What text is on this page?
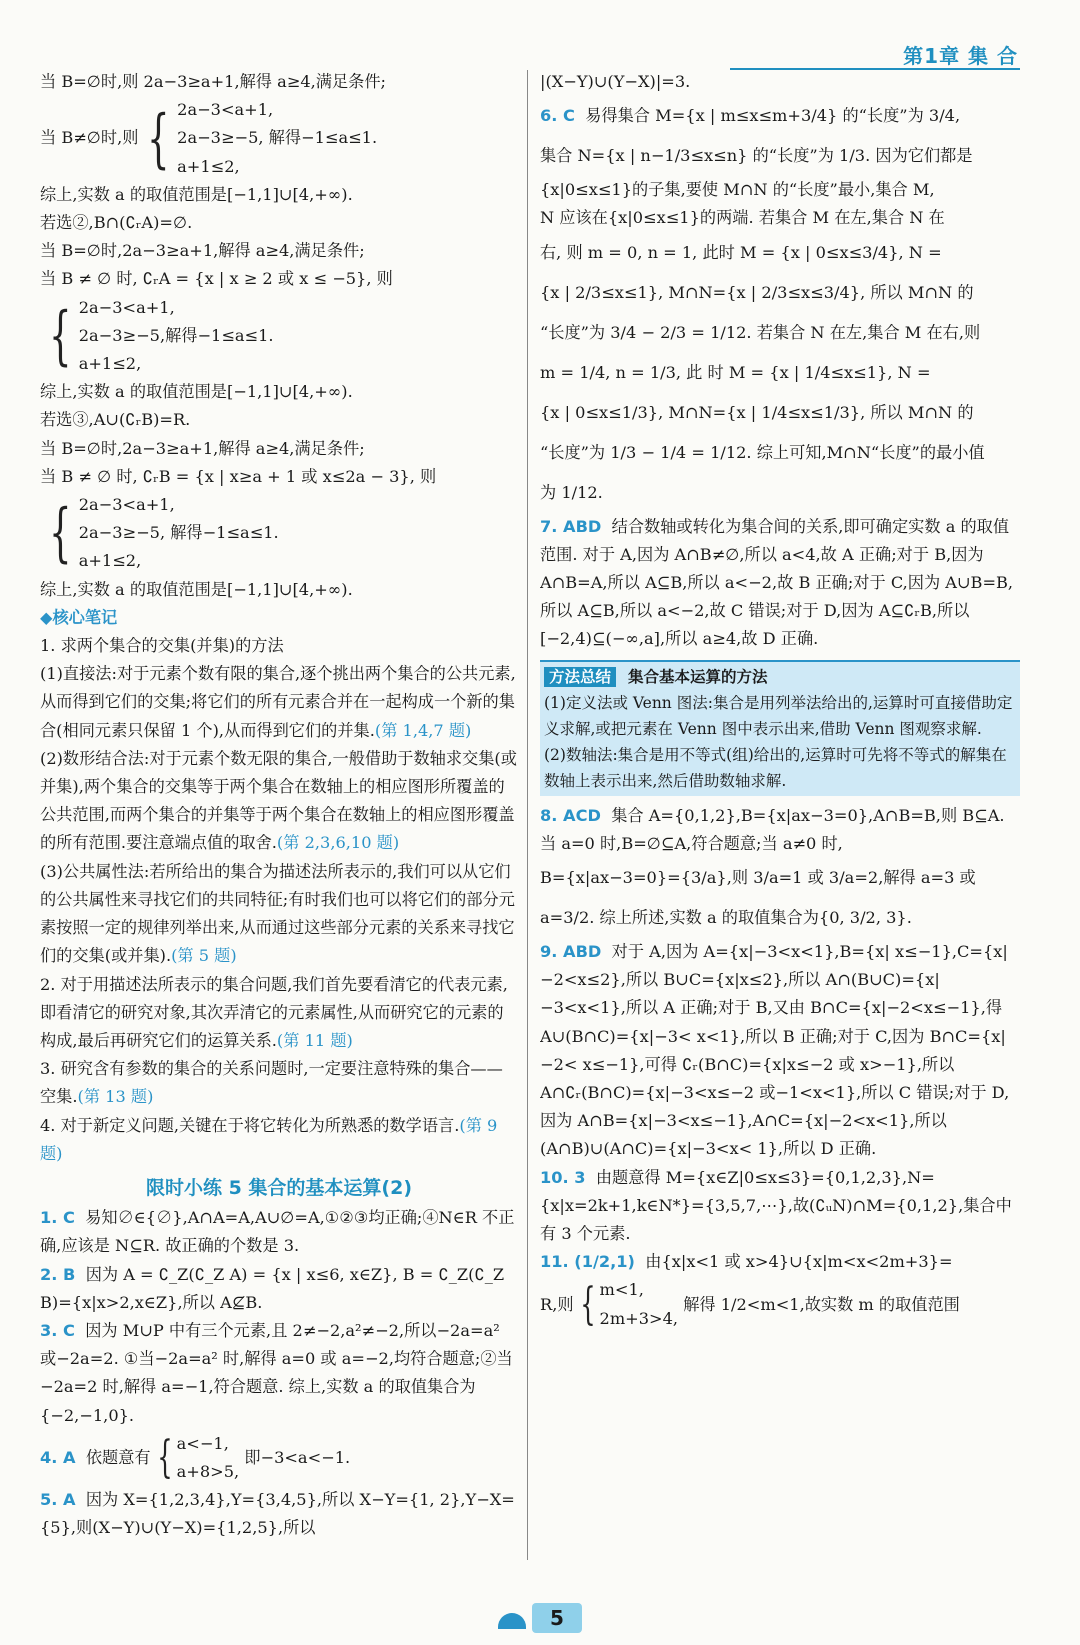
第1章 集 合
当 B=∅时,则 2a−3≥a+1,解得 a≥4,满足条件;
当 B≠∅时,则 { 2a−3<a+1,
2a−3≥−5, 解得−1≤a≤1.
a+1≤2,
综上,实数 a 的取值范围是[−1,1]∪[4,+∞).
若选②,B∩(∁ᵣA)=∅.
当 B=∅时,2a−3≥a+1,解得 a≥4,满足条件;
当 B ≠ ∅ 时, ∁ᵣA = {x | x ≥ 2 或 x ≤ −5}, 则
{ 2a−3<a+1,
2a−3≥−5,解得−1≤a≤1.
a+1≤2,
综上,实数 a 的取值范围是[−1,1]∪[4,+∞).
若选③,A∪(∁ᵣB)=R.
当 B=∅时,2a−3≥a+1,解得 a≥4,满足条件;
当 B ≠ ∅ 时, ∁ᵣB = {x | x≥a + 1 或 x≤2a − 3}, 则
{ 2a−3<a+1,
2a−3≥−5, 解得−1≤a≤1.
a+1≤2,
综上,实数 a 的取值范围是[−1,1]∪[4,+∞).
◆核心笔记
1. 求两个集合的交集(并集)的方法
(1)直接法:对于元素个数有限的集合,逐个挑出两个集合的公共元素,从而得到它们的交集;将它们的所有元素合并在一起构成一个新的集合(相同元素只保留 1 个),从而得到它们的并集.(第 1,4,7 题)
(2)数形结合法:对于元素个数无限的集合,一般借助于数轴求交集(或并集),两个集合的交集等于两个集合在数轴上的相应图形所覆盖的公共范围,而两个集合的并集等于两个集合在数轴上的相应图形覆盖的所有范围.要注意端点值的取舍.(第 2,3,6,10 题)
(3)公共属性法:若所给出的集合为描述法所表示的,我们可以从它们的公共属性来寻找它们的共同特征;有时我们也可以将它们的部分元素按照一定的规律列举出来,从而通过这些部分元素的关系来寻找它们的交集(或并集).(第 5 题)
2. 对于用描述法所表示的集合问题,我们首先要看清它的代表元素,即看清它的研究对象,其次弄清它的元素属性,从而研究它的元素的构成,最后再研究它们的运算关系.(第 11 题)
3. 研究含有参数的集合的关系问题时,一定要注意特殊的集合——空集.(第 13 题)
4. 对于新定义问题,关键在于将它转化为所熟悉的数学语言.(第 9 题)
限时小练 5 集合的基本运算(2)
1. C 易知∅∈{∅},A∩A=A,A∪∅=A,①②③均正确;④N∈R 不正确,应该是 N⊆R. 故正确的个数是 3.
2. B 因为 A = ∁_Z(∁_Z A) = {x | x≤6, x∈Z}, B = ∁_Z(∁_Z B)={x|x>2,x∈Z},所以 A⊈B.
3. C 因为 M∪P 中有三个元素,且 2≠−2,a²≠−2,所以−2a=a² 或−2a=2. ①当−2a=a² 时,解得 a=0 或 a=−2,均符合题意;②当−2a=2 时,解得 a=−1,符合题意. 综上,实数 a 的取值集合为{−2,−1,0}.
4. A
依题意有 { a<−1,
a+8>5,

即−3<a<−1.
5. A 因为 X={1,2,3,4},Y={3,4,5},所以 X−Y={1, 2},Y−X={5},则(X−Y)∪(Y−X)={1,2,5},所以
|(X−Y)∪(Y−X)|=3.
6. C 易得集合 M={x | m≤x≤m+3/4} 的“长度”为 3/4,
集合 N={x | n−1/3≤x≤n} 的“长度”为 1/3. 因为它们都是
{x|0≤x≤1}的子集,要使 M∩N 的“长度”最小,集合 M,
N 应该在{x|0≤x≤1}的两端. 若集合 M 在左,集合 N 在
右, 则 m = 0, n = 1, 此时 M = {x | 0≤x≤3/4}, N =
{x | 2/3≤x≤1}, M∩N={x | 2/3≤x≤3/4}, 所以 M∩N 的
“长度”为 3/4 − 2/3 = 1/12. 若集合 N 在左,集合 M 在右,则
m = 1/4, n = 1/3, 此 时 M = {x | 1/4≤x≤1}, N =
{x | 0≤x≤1/3}, M∩N={x | 1/4≤x≤1/3}, 所以 M∩N 的
“长度”为 1/3 − 1/4 = 1/12. 综上可知,M∩N“长度”的最小值
为 1/12.
7. ABD 结合数轴或转化为集合间的关系,即可确定实数 a 的取值范围. 对于 A,因为 A∩B≠∅,所以 a<4,故 A 正确;对于 B,因为 A∩B=A,所以 A⊆B,所以 a<−2,故 B 正确;对于 C,因为 A∪B=B,所以 A⊆B,所以 a<−2,故 C 错误;对于 D,因为 A⊆∁ᵣB,所以[−2,4)⊆(−∞,a],所以 a≥4,故 D 正确.
方法总结 集合基本运算的方法
(1)定义法或 Venn 图法:集合是用列举法给出的,运算时可直接借助定义求解,或把元素在 Venn 图中表示出来,借助 Venn 图观察求解.
(2)数轴法:集合是用不等式(组)给出的,运算时可先将不等式的解集在数轴上表示出来,然后借助数轴求解.
8. ACD 集合 A={0,1,2},B={x|ax−3=0},A∩B=B,则 B⊆A. 当 a=0 时,B=∅⊆A,符合题意;当 a≠0 时,
B={x|ax−3=0}={3/a},则 3/a=1 或 3/a=2,解得 a=3 或
a=3/2. 综上所述,实数 a 的取值集合为{0, 3/2, 3}.
9. ABD 对于 A,因为 A={x|−3<x<1},B={x| x≤−1},C={x|−2<x≤2},所以 B∪C={x|x≤2},所以 A∩(B∪C)={x|−3<x<1},所以 A 正确;对于 B,又由 B∩C={x|−2<x≤−1},得 A∪(B∩C)={x|−3< x<1},所以 B 正确;对于 C,因为 B∩C={x|−2< x≤−1},可得 ∁ᵣ(B∩C)={x|x≤−2 或 x>−1},所以 A∩∁ᵣ(B∩C)={x|−3<x≤−2 或−1<x<1},所以 C 错误;对于 D,因为 A∩B={x|−3<x≤−1},A∩C={x|−2<x<1},所以(A∩B)∪(A∩C)={x|−3<x< 1},所以 D 正确.
10. 3 由题意得 M={x∈Z|0≤x≤3}={0,1,2,3},N={x|x=2k+1,k∈N*}={3,5,7,⋯},故(∁ᵤN)∩M={0,1,2},集合中有 3 个元素.
11. (1/2,1) 由{x|x<1 或 x>4}∪{x|m<x<2m+3}=
R,则 { m<1,
2m+3>4,

解得 1/2<m<1,故实数 m 的取值范围
5
